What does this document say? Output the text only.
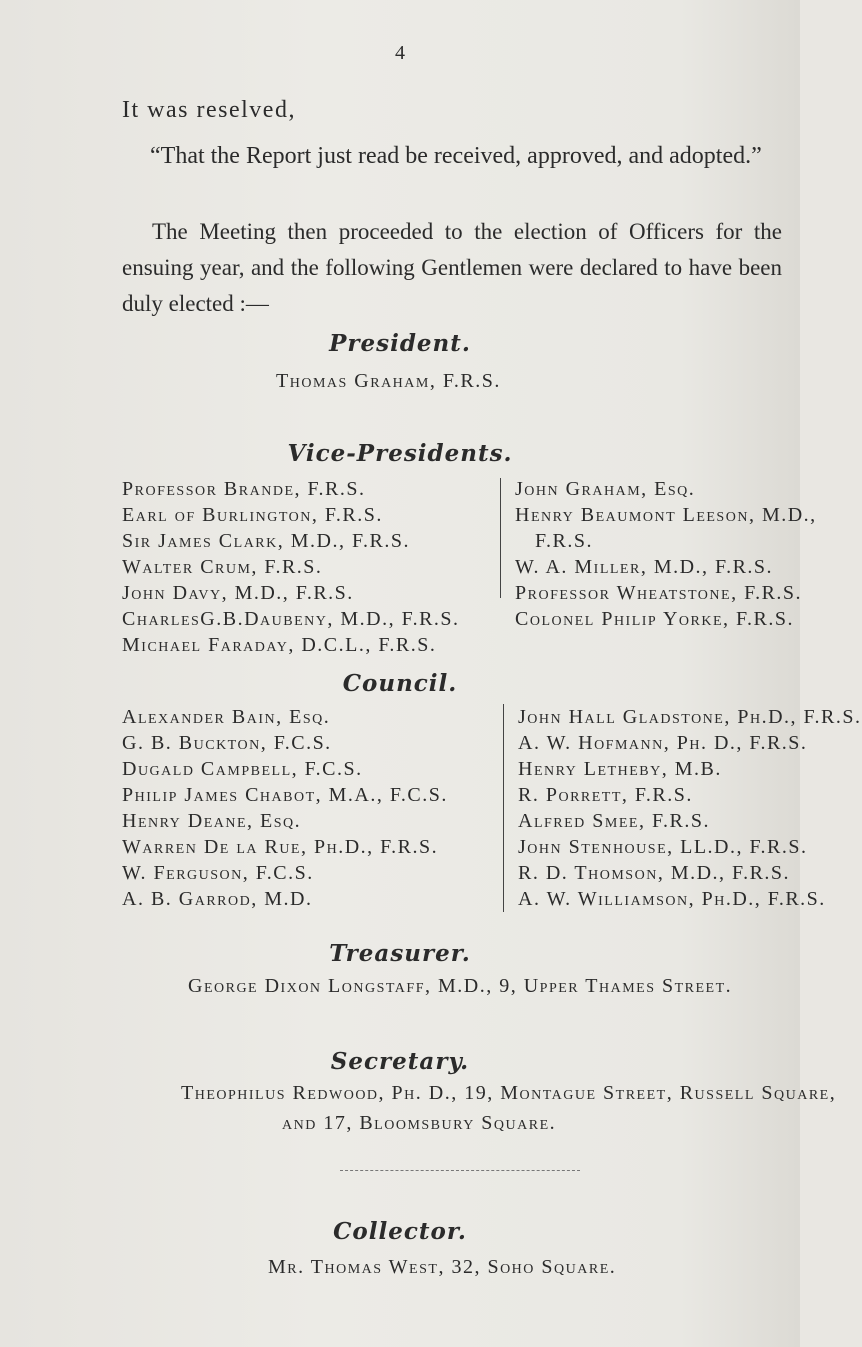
4
It was reselved,
“That the Report just read be received, approved, and adopted.”
The Meeting then proceeded to the election of Officers for the ensuing year, and the following Gentlemen were declared to have been duly elected :—
President.
Thomas Graham, F.R.S.
Vice-Presidents.
Professor Brande, F.R.S.
Earl of Burlington, F.R.S.
Sir James Clark, M.D., F.R.S.
Walter Crum, F.R.S.
John Davy, M.D., F.R.S.
CharlesG.B.Daubeny, M.D., F.R.S.
Michael Faraday, D.C.L., F.R.S.
John Graham, Esq.
Henry Beaumont Leeson, M.D.,
F.R.S.
W. A. Miller, M.D., F.R.S.
Professor Wheatstone, F.R.S.
Colonel Philip Yorke, F.R.S.
Council.
Alexander Bain, Esq.
G. B. Buckton, F.C.S.
Dugald Campbell, F.C.S.
Philip James Chabot, M.A., F.C.S.
Henry Deane, Esq.
Warren De la Rue, Ph.D., F.R.S.
W. Ferguson, F.C.S.
A. B. Garrod, M.D.
John Hall Gladstone, Ph.D., F.R.S.
A. W. Hofmann, Ph. D., F.R.S.
Henry Letheby, M.B.
R. Porrett, F.R.S.
Alfred Smee, F.R.S.
John Stenhouse, LL.D., F.R.S.
R. D. Thomson, M.D., F.R.S.
A. W. Williamson, Ph.D., F.R.S.
Treasurer.
George Dixon Longstaff, M.D., 9, Upper Thames Street.
Secretary.
Theophilus Redwood, Ph. D., 19, Montague Street, Russell Square,
and 17, Bloomsbury Square.
Collector.
Mr. Thomas West, 32, Soho Square.
